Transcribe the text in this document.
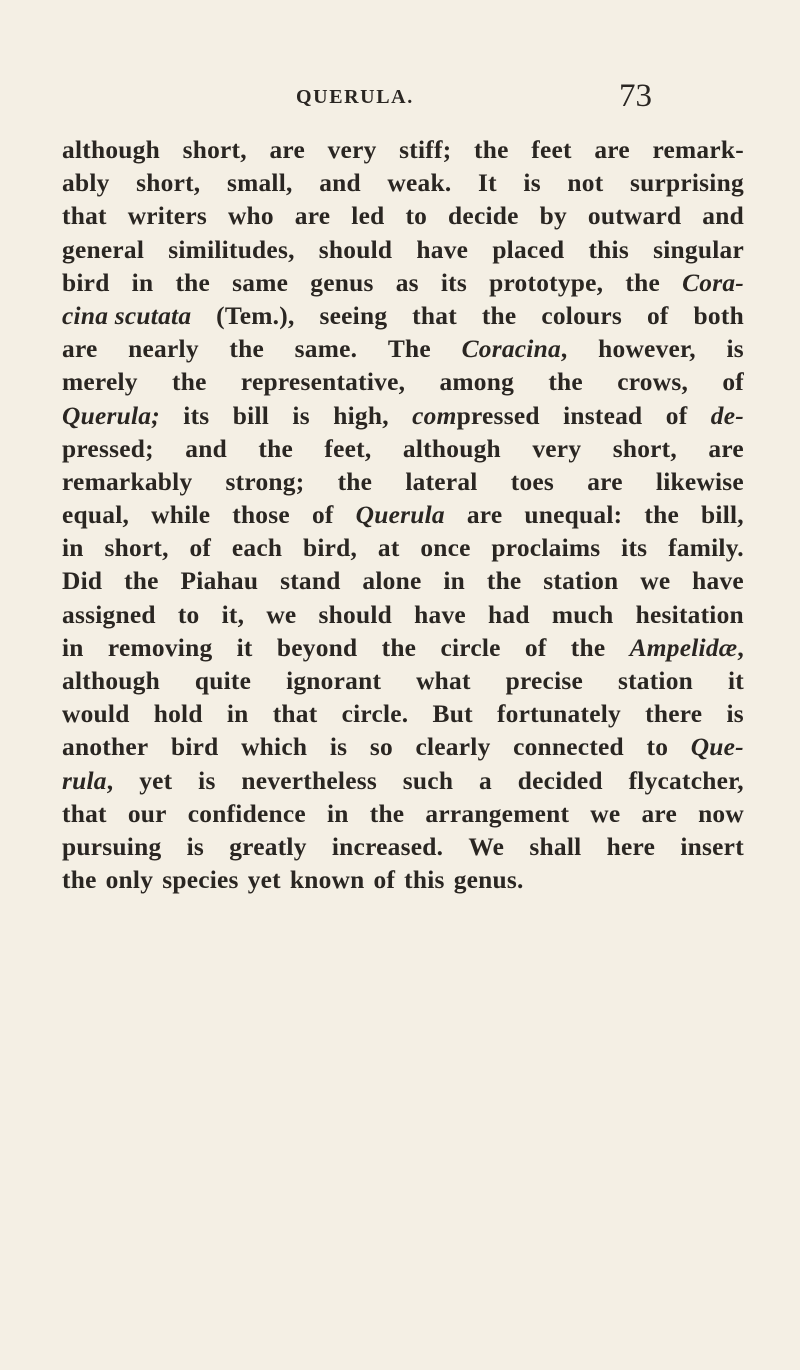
QUERULA.	73
although short, are very stiff; the feet are remark-
ably short, small, and weak. It is not surprising
that writers who are led to decide by outward and
general similitudes, should have placed this singular
bird in the same genus as its prototype, the Cora-
cina scutata (Tem.), seeing that the colours of both
are nearly the same. The Coracina, however, is
merely the representative, among the crows, of
Querula; its bill is high, compressed instead of de-
pressed; and the feet, although very short, are
remarkably strong; the lateral toes are likewise
equal, while those of Querula are unequal: the bill,
in short, of each bird, at once proclaims its family.
Did the Piahau stand alone in the station we have
assigned to it, we should have had much hesitation
in removing it beyond the circle of the Ampelidæ,
although quite ignorant what precise station it
would hold in that circle. But fortunately there is
another bird which is so clearly connected to Que-
rula, yet is nevertheless such a decided flycatcher,
that our confidence in the arrangement we are now
pursuing is greatly increased. We shall here insert
the only species yet known of this genus.
